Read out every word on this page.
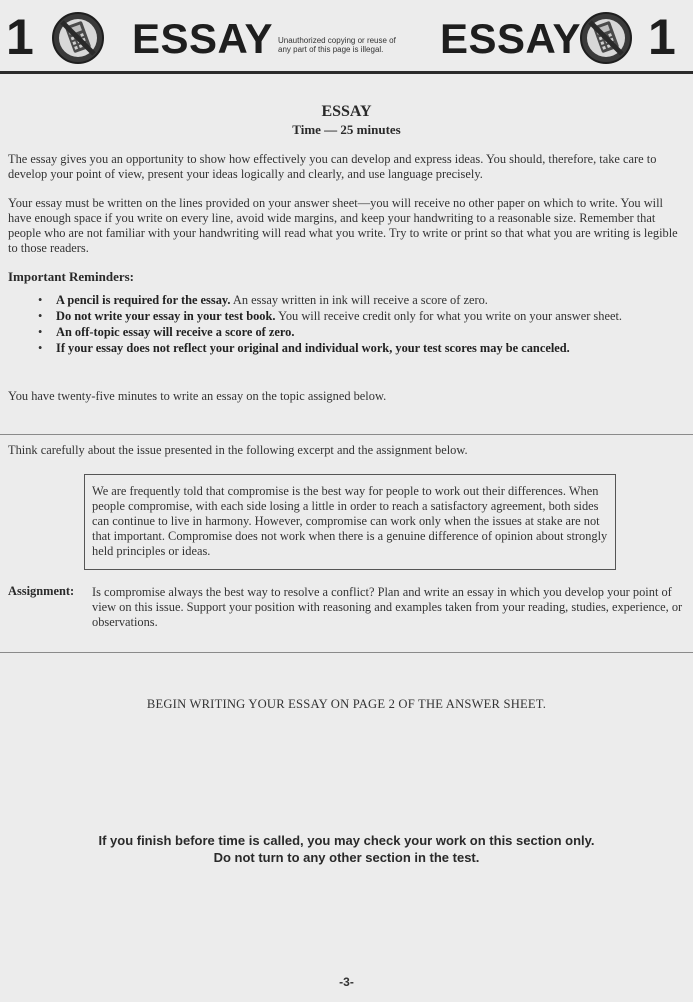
1 ESSAY Unauthorized copying or reuse of
any part of this page is illegal.	ESSAY 1
ESSAY
Time — 25 minutes
The essay gives you an opportunity to show how effectively you can develop and express ideas. You should, therefore, take care to develop your point of view, present your ideas logically and clearly, and use language precisely.
Your essay must be written on the lines provided on your answer sheet—you will receive no other paper on which to write. You will have enough space if you write on every line, avoid wide margins, and keep your handwriting to a reasonable size. Remember that people who are not familiar with your handwriting will read what you write. Try to write or print so that what you are writing is legible to those readers.
Important Reminders:
• A pencil is required for the essay. An essay written in ink will receive a score of zero.
• Do not write your essay in your test book. You will receive credit only for what you write on your answer sheet.
• An off-topic essay will receive a score of zero.
• If your essay does not reflect your original and individual work, your test scores may be canceled.
You have twenty-five minutes to write an essay on the topic assigned below.
Think carefully about the issue presented in the following excerpt and the assignment below.
We are frequently told that compromise is the best way for people to work out their differences. When people compromise, with each side losing a little in order to reach a satisfactory agreement, both sides can continue to live in harmony. However, compromise can work only when the issues at stake are not that important. Compromise does not work when there is a genuine difference of opinion about strongly held principles or ideas.
Assignment: Is compromise always the best way to resolve a conflict? Plan and write an essay in which you develop your point of view on this issue. Support your position with reasoning and examples taken from your reading, studies, experience, or observations.
BEGIN WRITING YOUR ESSAY ON PAGE 2 OF THE ANSWER SHEET.
If you finish before time is called, you may check your work on this section only.
Do not turn to any other section in the test.
-3-
